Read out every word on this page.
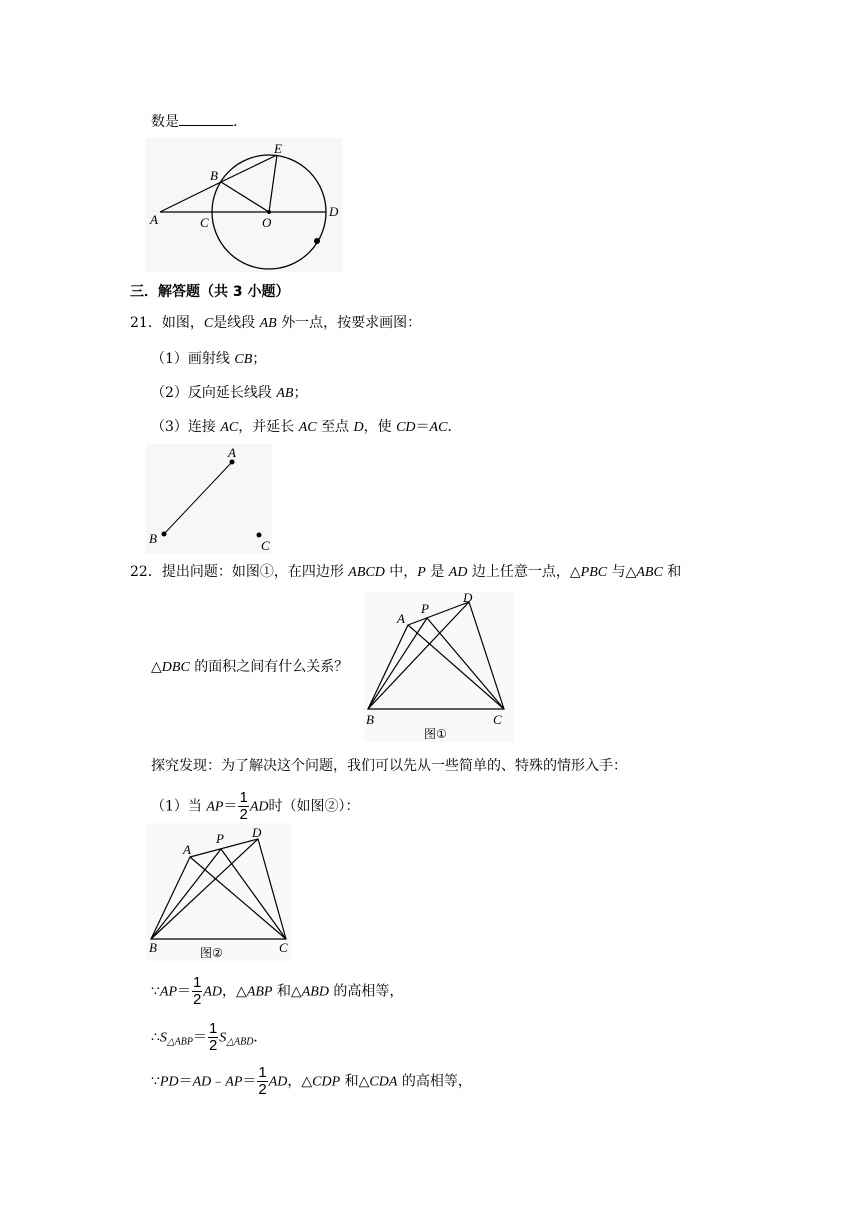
数是	.
E
B
A	C	O
D
三．解答题（共 3 小题）
21．如图，C是线段 AB 外一点，按要求画图：
（1）画射线 CB；
（2）反向延长线段 AB；
（3）连接 AC，并延长 AC 至点 D，使 CD＝AC．
A
B	C
22．提出问题：如图①，在四边形 ABCD 中，P 是 AD 边上任意一点，△PBC 与△ABC 和
A
P
D
B	C
图①
△DBC 的面积之间有什么关系？
探究发现：为了解决这个问题，我们可以先从一些简单的、特殊的情形入手：
（1）当 $AP= \frac{1}{2}$ AD时（如图②）：
A
P D
B	C
图②
∵AP＝ $\frac{1}{2}$ AD，△ABP 和△ABD 的高相等，
$\therefore S_{\triangle ABP}= \frac{1}{2} S_{\triangle ABD}$．
∵PD＝AD﹣AP＝ $\frac{1}{2}$ AD，△CDP 和△CDA 的高相等，
